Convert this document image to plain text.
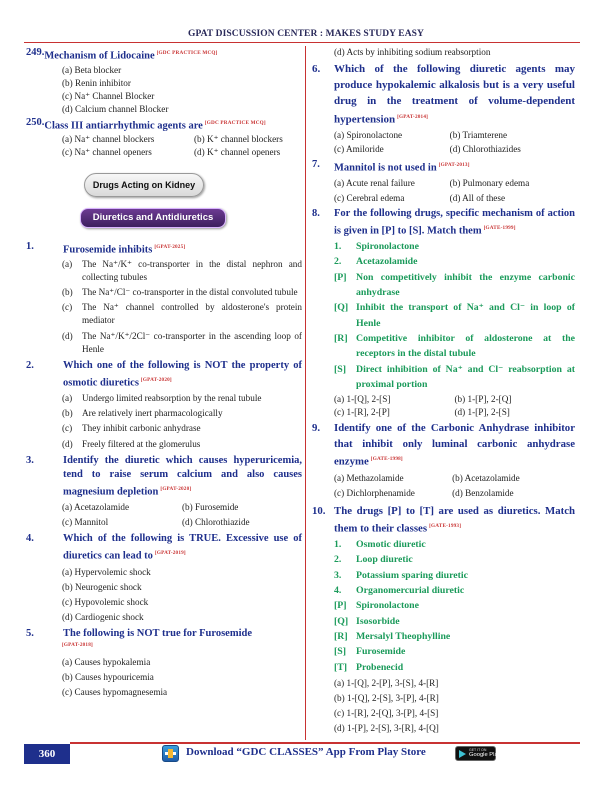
GPAT DISCUSSION CENTER : MAKES STUDY EASY
249. Mechanism of Lidocaine [GDC PRACTICE MCQ]
(a) Beta blocker
(b) Renin inhibitor
(c) Na⁺ Channel Blocker
(d) Calcium channel Blocker
250. Class III antiarrhythmic agents are [GDC PRACTICE MCQ]
(a) Na⁺ channel blockers	(b) K⁺ channel blockers
(c) Na⁺ channel openers	(d) K⁺ channel openers
Drugs Acting on Kidney
Diuretics and Antidiuretics
1.	Furosemide inhibits [GPAT-2025]
(a)	The Na⁺/K⁺ co-transporter in the distal nephron and collecting tubules
(b)	The Na⁺/Cl⁻ co-transporter in the distal convoluted tubule
(c)	The Na⁺ channel controlled by aldosterone's protein mediator
(d)	The Na⁺/K⁺/2Cl⁻ co-transporter in the ascending loop of Henle
2.	Which one of the following is NOT the property of osmotic diuretics [GPAT-2020]
(a)	Undergo limited reabsorption by the renal tubule
(b)	Are relatively inert pharmacologically
(c)	They inhibit carbonic anhydrase
(d)	Freely filtered at the glomerulus
3.	Identify the diuretic which causes hyperuricemia, tend to raise serum calcium and also causes magnesium depletion [GPAT-2020]
(a) Acetazolamide	(b) Furosemide
(c) Mannitol	(d) Chlorothiazide
4.	Which of the following is TRUE. Excessive use of diuretics can lead to [GPAT-2019]
(a) Hypervolemic shock
(b) Neurogenic shock
(c) Hypovolemic shock
(d) Cardiogenic shock
5.	The following is NOT true for Furosemide
[GPAT-2018]
(a) Causes hypokalemia
(b) Causes hypouricemia
(c) Causes hypomagnesemia
(d) Acts by inhibiting sodium reabsorption
6.	Which of the following diuretic agents may produce hypokalemic alkalosis but is a very useful drug in the treatment of volume-dependent hypertension [GPAT-2014]
(a) Spironolactone	(b) Triamterene
(c) Amiloride	(d) Chlorothiazides
7.	Mannitol is not used in [GPAT-2013]
(a) Acute renal failure	(b) Pulmonary edema
(c) Cerebral edema	(d) All of these
8.	For the following drugs, specific mechanism of action is given in [P] to [S]. Match them [GATE-1999]
1.	Spironolactone
2.	Acetazolamide
[P] Non competitively inhibit the enzyme carbonic anhydrase
[Q] Inhibit the transport of Na⁺ and Cl⁻ in loop of Henle
[R] Competitive inhibitor of aldosterone at the receptors in the distal tubule
[S]	Direct inhibition of Na⁺ and Cl⁻ reabsorption at proximal portion
(a) 1-[Q], 2-[S]	(b) 1-[P], 2-[Q]
(c) 1-[R], 2-[P]	(d) 1-[P], 2-[S]
9.	Identify one of the Carbonic Anhydrase inhibitor that inhibit only luminal carbonic anhydrase enzyme [GATE-1998]
(a) Methazolamide	(b) Acetazolamide
(c) Dichlorphenamide	(d) Benzolamide
10. The drugs [P] to [T] are used as diuretics. Match them to their classes [GATE-1993]
1.	Osmotic diuretic
2.	Loop diuretic
3.	Potassium sparing diuretic
4.	Organomercurial diuretic
[P] Spironolactone
[Q] Isosorbide
[R] Mersalyl Theophylline
[S]	Furosemide
[T] Probenecid
(a) 1-[Q], 2-[P], 3-[S], 4-[R]
(b) 1-[Q], 2-[S], 3-[P], 4-[R]
(c) 1-[R], 2-[Q], 3-[P], 4-[S]
(d) 1-[P], 2-[S], 3-[R], 4-[Q]
360	Download “GDC CLASSES” App From Play Store	GET IT ON
Google Play
